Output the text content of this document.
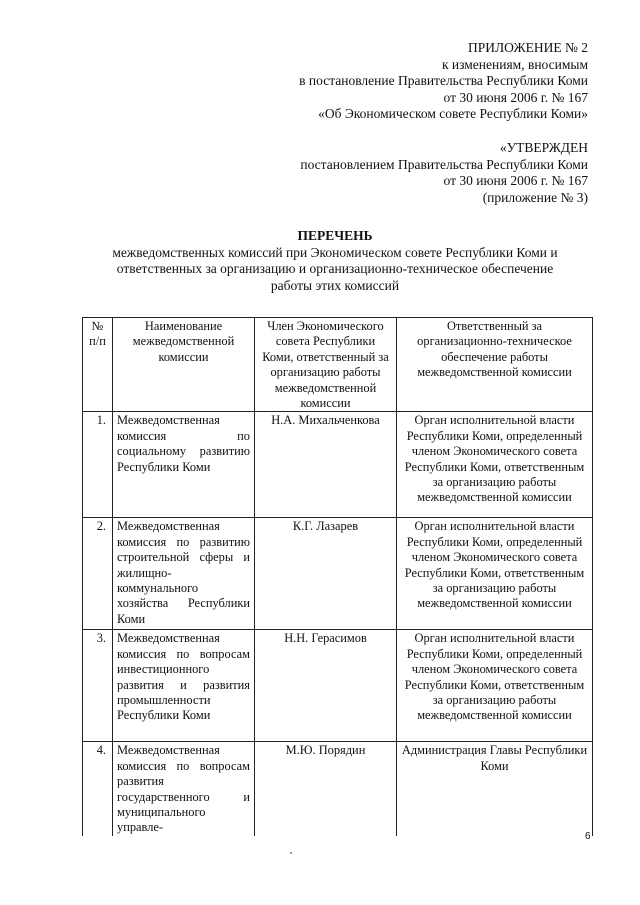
ПРИЛОЖЕНИЕ № 2
к изменениям, вносимым
в постановление Правительства Республики Коми
от 30 июня 2006 г. № 167
«Об Экономическом совете Республики Коми»
«УТВЕРЖДЕН
постановлением Правительства Республики Коми
от 30 июня 2006 г. № 167
(приложение № 3)
ПЕРЕЧЕНЬ
межведомственных комиссий при Экономическом совете Республики Коми и
ответственных за организацию и организационно-техническое обеспечение
работы этих комиссий
№ п/п	Наименование межведомственной комиссии	Член Экономического совета Республики Коми, ответственный за организацию работы межведомственной комиссии	Ответственный за организационно-техническое обеспечение работы межведомственной комиссии
1.	Межведомственная комиссия по социальному развитию Республики Коми	Н.А. Михальченкова	Орган исполнительной власти Республики Коми, определенный членом Экономического совета Республики Коми, ответственным за организацию работы межведомственной комиссии
2.	Межведомственная комиссия по развитию строительной сферы и жилищно-коммунального хозяйства Республики Коми	К.Г. Лазарев	Орган исполнительной власти Республики Коми, определенный членом Экономического совета Республики Коми, ответственным за организацию работы межведомственной комиссии
3.	Межведомственная комиссия по вопросам инвестиционного развития и развития промышленности Республики Коми	Н.Н. Герасимов	Орган исполнительной власти Республики Коми, определенный членом Экономического совета Республики Коми, ответственным за организацию работы межведомственной комиссии
4.	Межведомственная комиссия по вопросам развития государственного и муниципального управле-	М.Ю. Порядин	Администрация Главы Республики Коми
6
